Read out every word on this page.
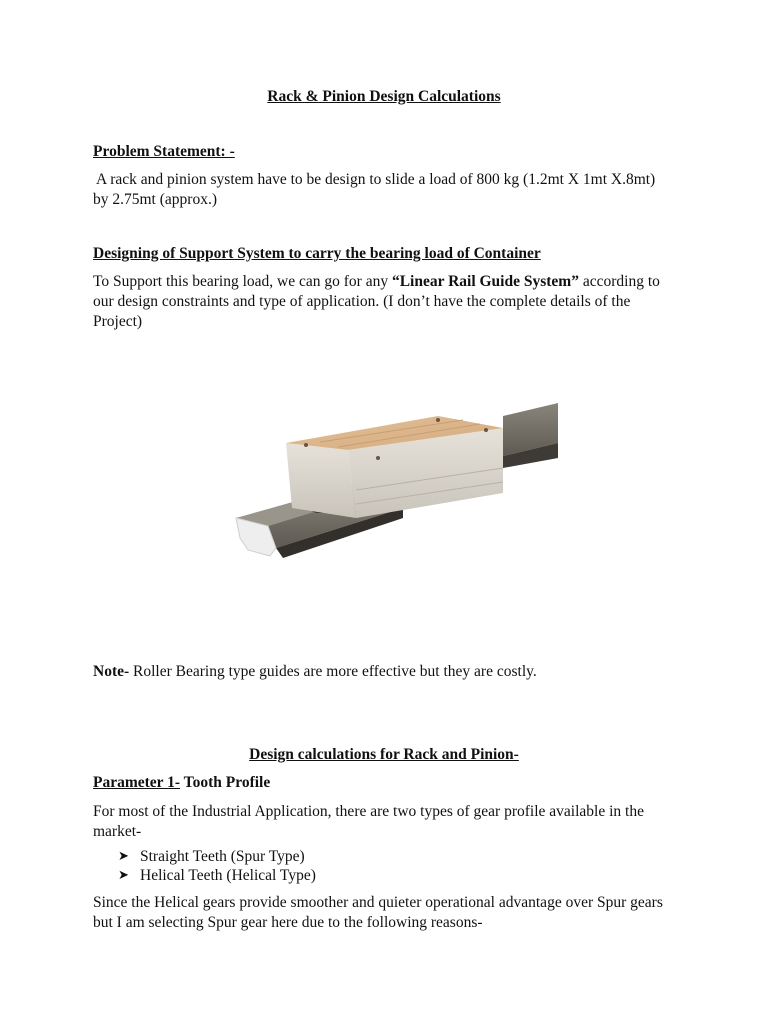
Rack & Pinion Design Calculations
Problem Statement: -
A rack and pinion system have to be design to slide a load of 800 kg (1.2mt X 1mt X.8mt)
by 2.75mt (approx.)
Designing of Support System to carry the bearing load of Container
To Support this bearing load, we can go for any “Linear Rail Guide System” according to
our design constraints and type of application. (I don’t have the complete details of the
Project)
Note- Roller Bearing type guides are more effective but they are costly.
Design calculations for Rack and Pinion-
Parameter 1- Tooth Profile
For most of the Industrial Application, there are two types of gear profile available in the
market-
➤ Straight Teeth (Spur Type)
➤ Helical Teeth (Helical Type)
Since the Helical gears provide smoother and quieter operational advantage over Spur gears
but I am selecting Spur gear here due to the following reasons-
